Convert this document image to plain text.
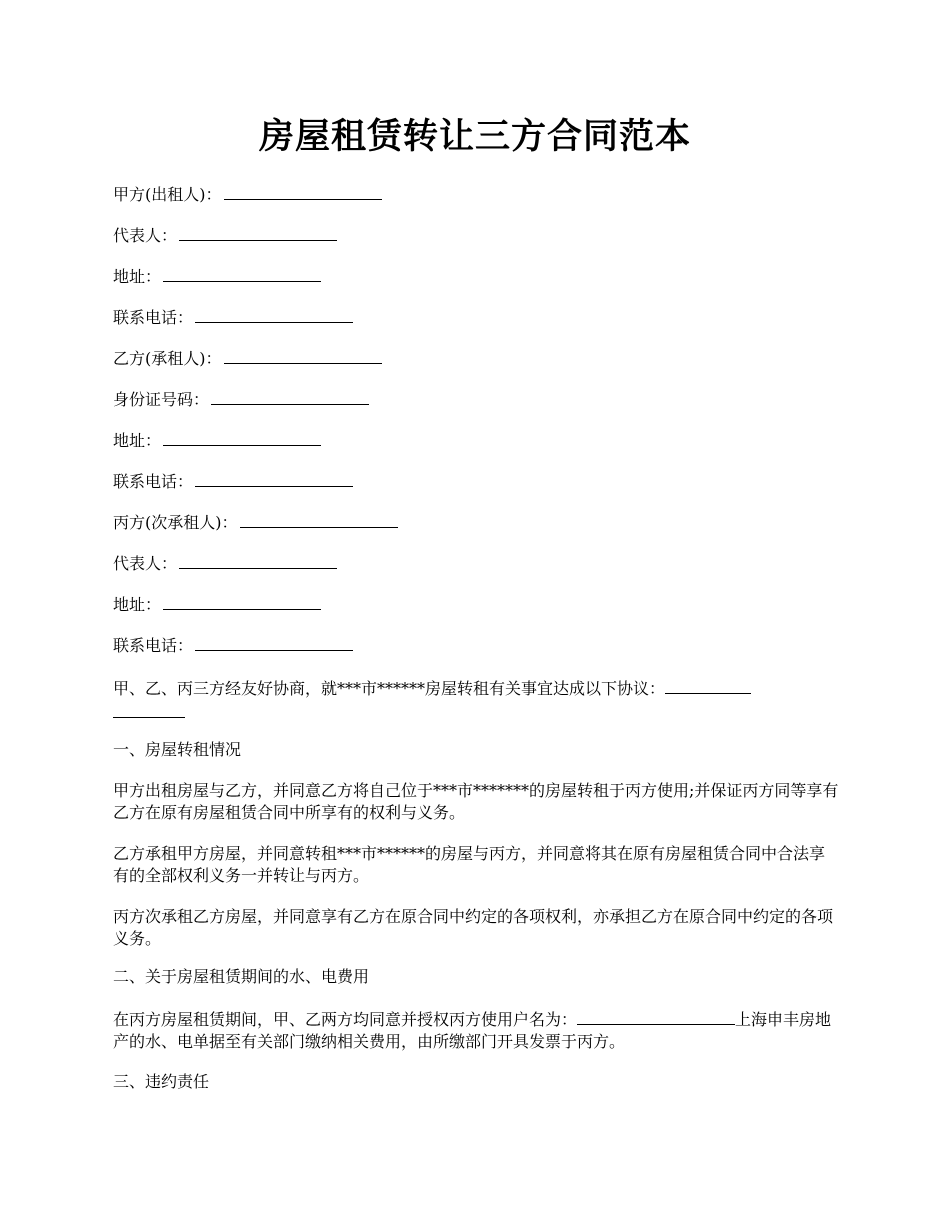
房屋租赁转让三方合同范本
甲方(出租人)：
代表人：
地址：
联系电话：
乙方(承租人)：
身份证号码：
地址：
联系电话：
丙方(次承租人)：
代表人：
地址：
联系电话：
甲、乙、丙三方经友好协商，就***市******房屋转租有关事宜达成以下协议：

一、房屋转租情况
甲方出租房屋与乙方，并同意乙方将自己位于***市*******的房屋转租于丙方使用;并保证丙方同等享有乙方在原有房屋租赁合同中所享有的权利与义务。
乙方承租甲方房屋，并同意转租***市******的房屋与丙方，并同意将其在原有房屋租赁合同中合法享有的全部权利义务一并转让与丙方。
丙方次承租乙方房屋，并同意享有乙方在原合同中约定的各项权利，亦承担乙方在原合同中约定的各项义务。
二、关于房屋租赁期间的水、电费用
在丙方房屋租赁期间，甲、乙两方均同意并授权丙方使用户名为：	上海申丰房地产的水、电单据至有关部门缴纳相关费用，由所缴部门开具发票于丙方。
三、违约责任
